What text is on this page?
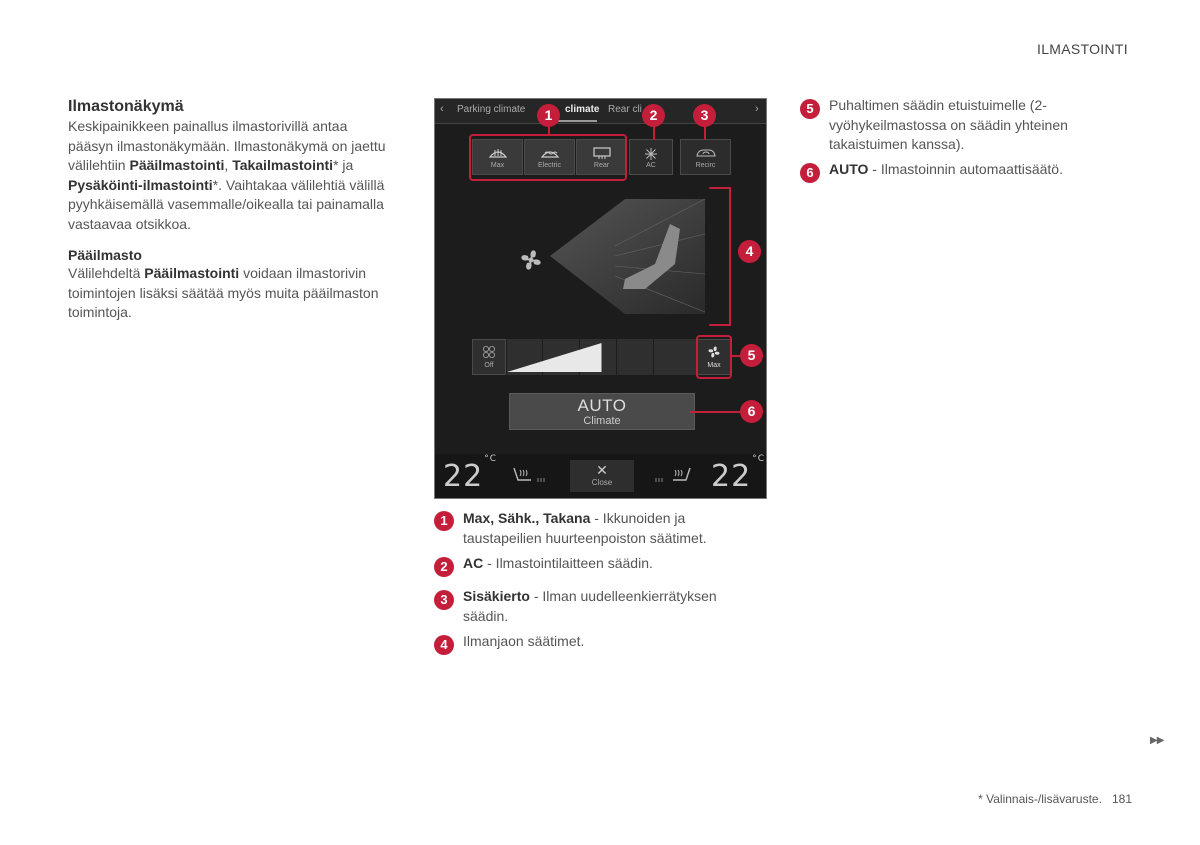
ILMASTOINTI
Ilmastonäkymä

Keskipainikkeen painallus ilmastorivillä antaa pääsyn ilmastonäkymään. Ilmastonäkymä on jaettu välilehtiin Pääilmastointi, Takailmastointi* ja Pysäköinti-ilmastointi*. Vaihtakaa välilehtiä välillä pyyhkäisemällä vasemmalle/oikealla tai painamalla vastaavaa otsikkoa.

Pääilmasto

Välilehdeltä Pääilmastointi voidaan ilmastorivin toimintojen lisäksi säätää myös muita pääilmaston toimintoja.

‹ Parking climate	climate Rear cli	›
Max	Electric	Rear	AC	Recirc
Off	Max
AUTO
Climate
$22^{^\circ C}$
✕
Close	$22^{^\circ C}$
1	2	3
4
5
6
1	Max, Sähk., Takana - Ikkunoiden ja taustapeilien huurteenpoiston säätimet.
2	AC - Ilmastointilaitteen säädin.
3	Sisäkierto - Ilman uudelleenkierrätyksen säädin.
4	Ilmanjaon säätimet.
5	Puhaltimen säädin etuistuimelle (2-vyöhykeilmastossa on säädin yhteinen takaistuimen kanssa).
6	AUTO - Ilmastoinnin automaattisäätö.
▶▶
* Valinnais-/lisävaruste. 181
